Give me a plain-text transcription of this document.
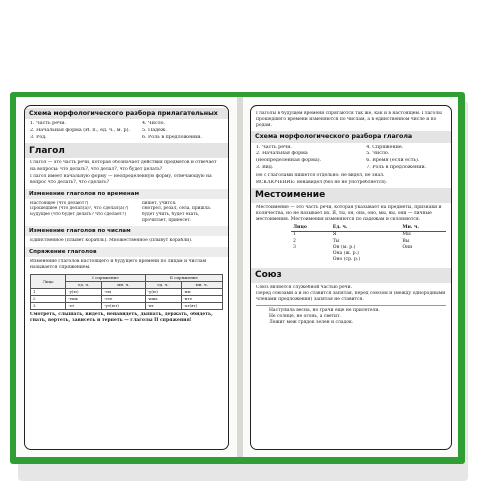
Схема морфологического разбора прилагательных
1. Часть речи.	4. Число.
2. Начальная форма (И. п., ед. ч., м. р).	5. Падеж.
3. Род.	6. Роль в предложении.
Глагол

Глагол — это часть речи, которая обозначает действия предметов и отвечает на вопросы: что делать?, что делал?, что будет делать?

Глагол имеет начальную форму — неопределенную форму, отвечающую на вопрос что делать?, что сделать?

Изменение глаголов по временам
Настоящее (что делают?)	пишет, учится.
Прошедшее (что делал(а)?, что сделал(а)?)	смотрел, резал, села, пришла.
Будущее (что будет делать? что сделает?)	будет учить, будет ехать, прочитает, принесет.
Изменение глаголов по числам

Единственное (плывет корабль). Множественное (плывут корабли).

Спряжение глаголов

Изменение глаголов настоящего и будущего времени по лицам и числам называется спряжением.

Лицо	I спряжение		II спряжение	
	ед. ч.	мн. ч.	ед. ч.	мн. ч.
1	-у(ю)	-ем	-у(ю)	-им
2	-ешь	-ете	-ишь	-ите
3	-ет	-ут(ют)	-ит	-ат(ят)

Смотреть, слышать, видеть, ненавидеть, дышать, держать, обидеть, гнать, вертеть, зависеть и терпеть — глаголы II спряжения!

Глаголы в будущем времени спрягаются так же, как и в настоящем. Глаголы прошедшего времени изменяются по числам, а в единственном числе и по родам.

Схема морфологического разбора глагола
1. Часть речи.	4. Спряжение.
2. Начальная форма	5. Число.
(неопределенная форма).	6. Время (если есть).
3. Вид.	7. Роль в предложении.

Не с глаголами пишется отдельно: не видел, не знал.

ИСКЛЮЧЕНИЕ: ненавидел (без не не употребляется).

Местоимение

Местоимение — это часть речи, которая указывает на предметы, признаки и количества, но не называет их. Я, ты, он, она, оно, мы, вы, они — личные местоимения. Местоимения изменяются по падежам и склоняются.

Лицо	Ед. ч.	Мн. ч.
1	Я	Мы
2	Ты	Вы
3	Он (м. р.)	Они
	Она (ж. р.)	
	Оно (ср. р.)	
Союз

Союз является служебной частью речи.

Перед союзами а и но ставится запятая, перед союзом и (между однородными членами предложения) запятая не ставится.

Наступила весна, но грачи еще не прилетели.
Не солнце, не огонь, а светит.
Лежит меж грядок зелен и сладок.
